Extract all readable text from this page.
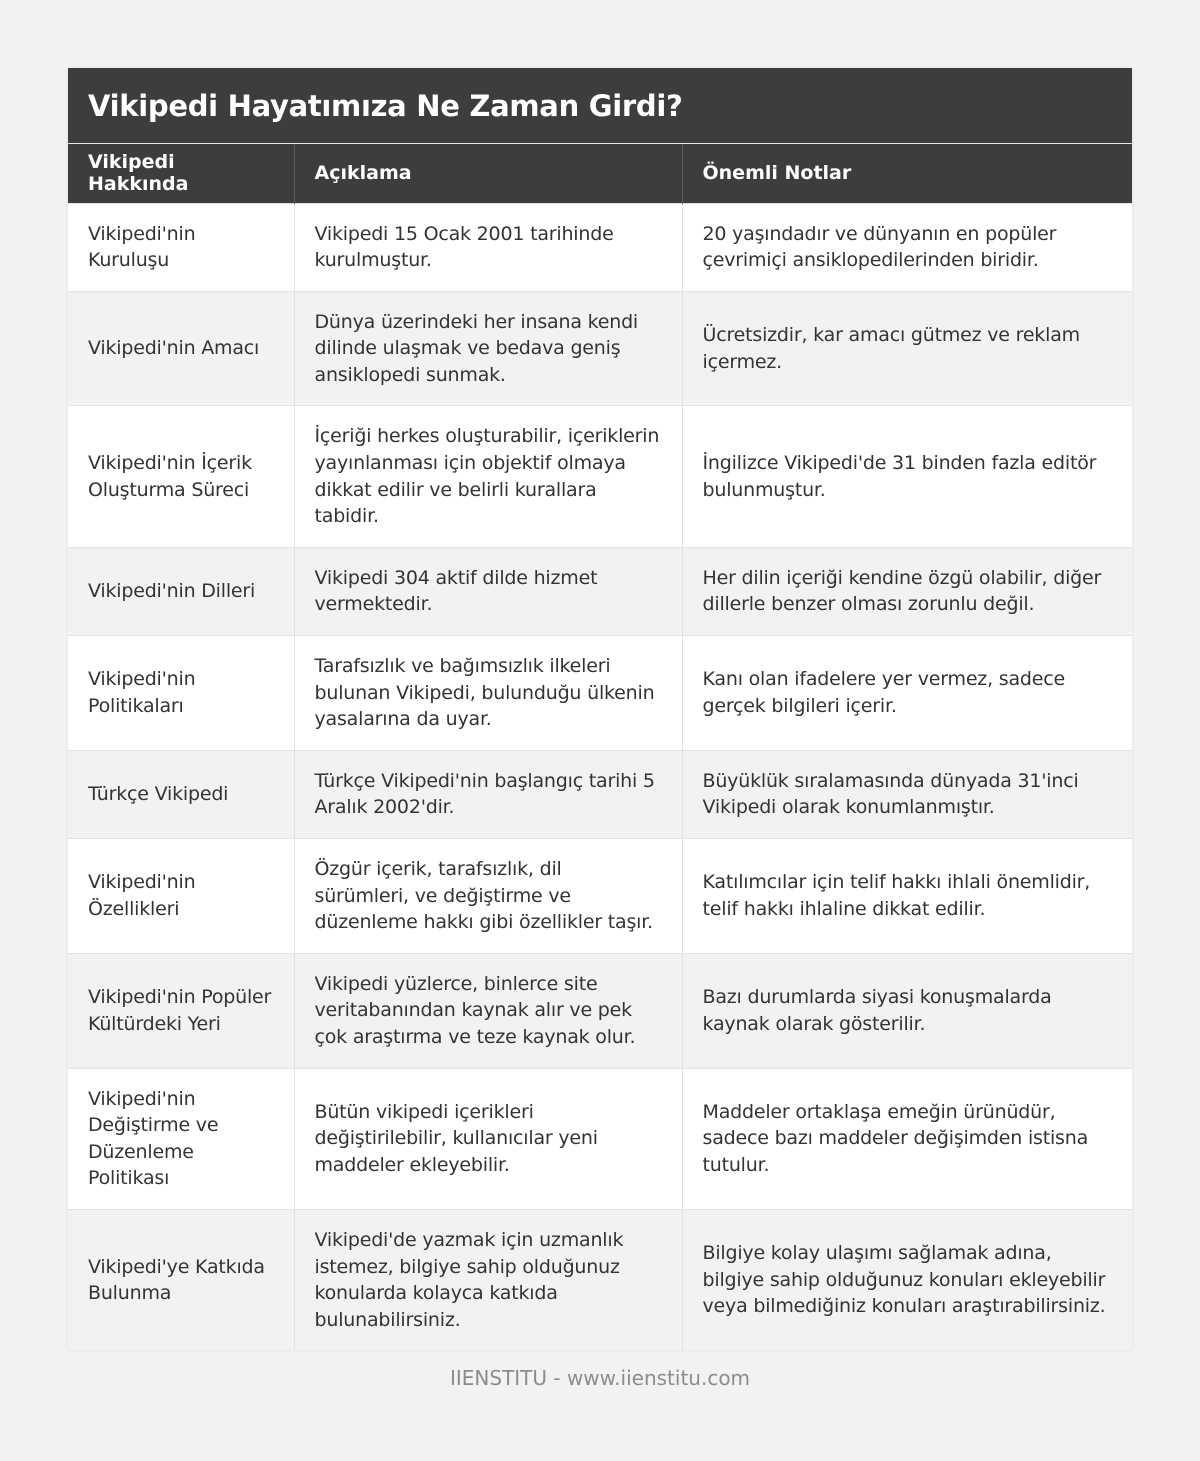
Vikipedi Hayatımıza Ne Zaman Girdi?
Vikipedi Hakkında	Açıklama	Önemli Notlar
Vikipedi'nin Kuruluşu	Vikipedi 15 Ocak 2001 tarihinde kurulmuştur.	20 yaşındadır ve dünyanın en popüler çevrimiçi ansiklopedilerinden biridir.
Vikipedi'nin Amacı	Dünya üzerindeki her insana kendi dilinde ulaşmak ve bedava geniş ansiklopedi sunmak.	Ücretsizdir, kar amacı gütmez ve reklam içermez.
Vikipedi'nin İçerik Oluşturma Süreci	İçeriği herkes oluşturabilir, içeriklerin yayınlanması için objektif olmaya dikkat edilir ve belirli kurallara tabidir.	İngilizce Vikipedi'de 31 binden fazla editör bulunmuştur.
Vikipedi'nin Dilleri	Vikipedi 304 aktif dilde hizmet vermektedir.	Her dilin içeriği kendine özgü olabilir, diğer dillerle benzer olması zorunlu değil.
Vikipedi'nin Politikaları	Tarafsızlık ve bağımsızlık ilkeleri bulunan Vikipedi, bulunduğu ülkenin yasalarına da uyar.	Kanı olan ifadelere yer vermez, sadece gerçek bilgileri içerir.
Türkçe Vikipedi	Türkçe Vikipedi'nin başlangıç tarihi 5 Aralık 2002'dir.	Büyüklük sıralamasında dünyada 31'inci Vikipedi olarak konumlanmıştır.
Vikipedi'nin Özellikleri	Özgür içerik, tarafsızlık, dil sürümleri, ve değiştirme ve düzenleme hakkı gibi özellikler taşır.	Katılımcılar için telif hakkı ihlali önemlidir, telif hakkı ihlaline dikkat edilir.
Vikipedi'nin Popüler Kültürdeki Yeri	Vikipedi yüzlerce, binlerce site veritabanından kaynak alır ve pek çok araştırma ve teze kaynak olur.	Bazı durumlarda siyasi konuşmalarda kaynak olarak gösterilir.
Vikipedi'nin Değiştirme ve Düzenleme Politikası	Bütün vikipedi içerikleri değiştirilebilir, kullanıcılar yeni maddeler ekleyebilir.	Maddeler ortaklaşa emeğin ürünüdür, sadece bazı maddeler değişimden istisna tutulur.
Vikipedi'ye Katkıda Bulunma	Vikipedi'de yazmak için uzmanlık istemez, bilgiye sahip olduğunuz konularda kolayca katkıda bulunabilirsiniz.	Bilgiye kolay ulaşımı sağlamak adına, bilgiye sahip olduğunuz konuları ekleyebilir veya bilmediğiniz konuları araştırabilirsiniz.
IIENSTITU - www.iienstitu.com
